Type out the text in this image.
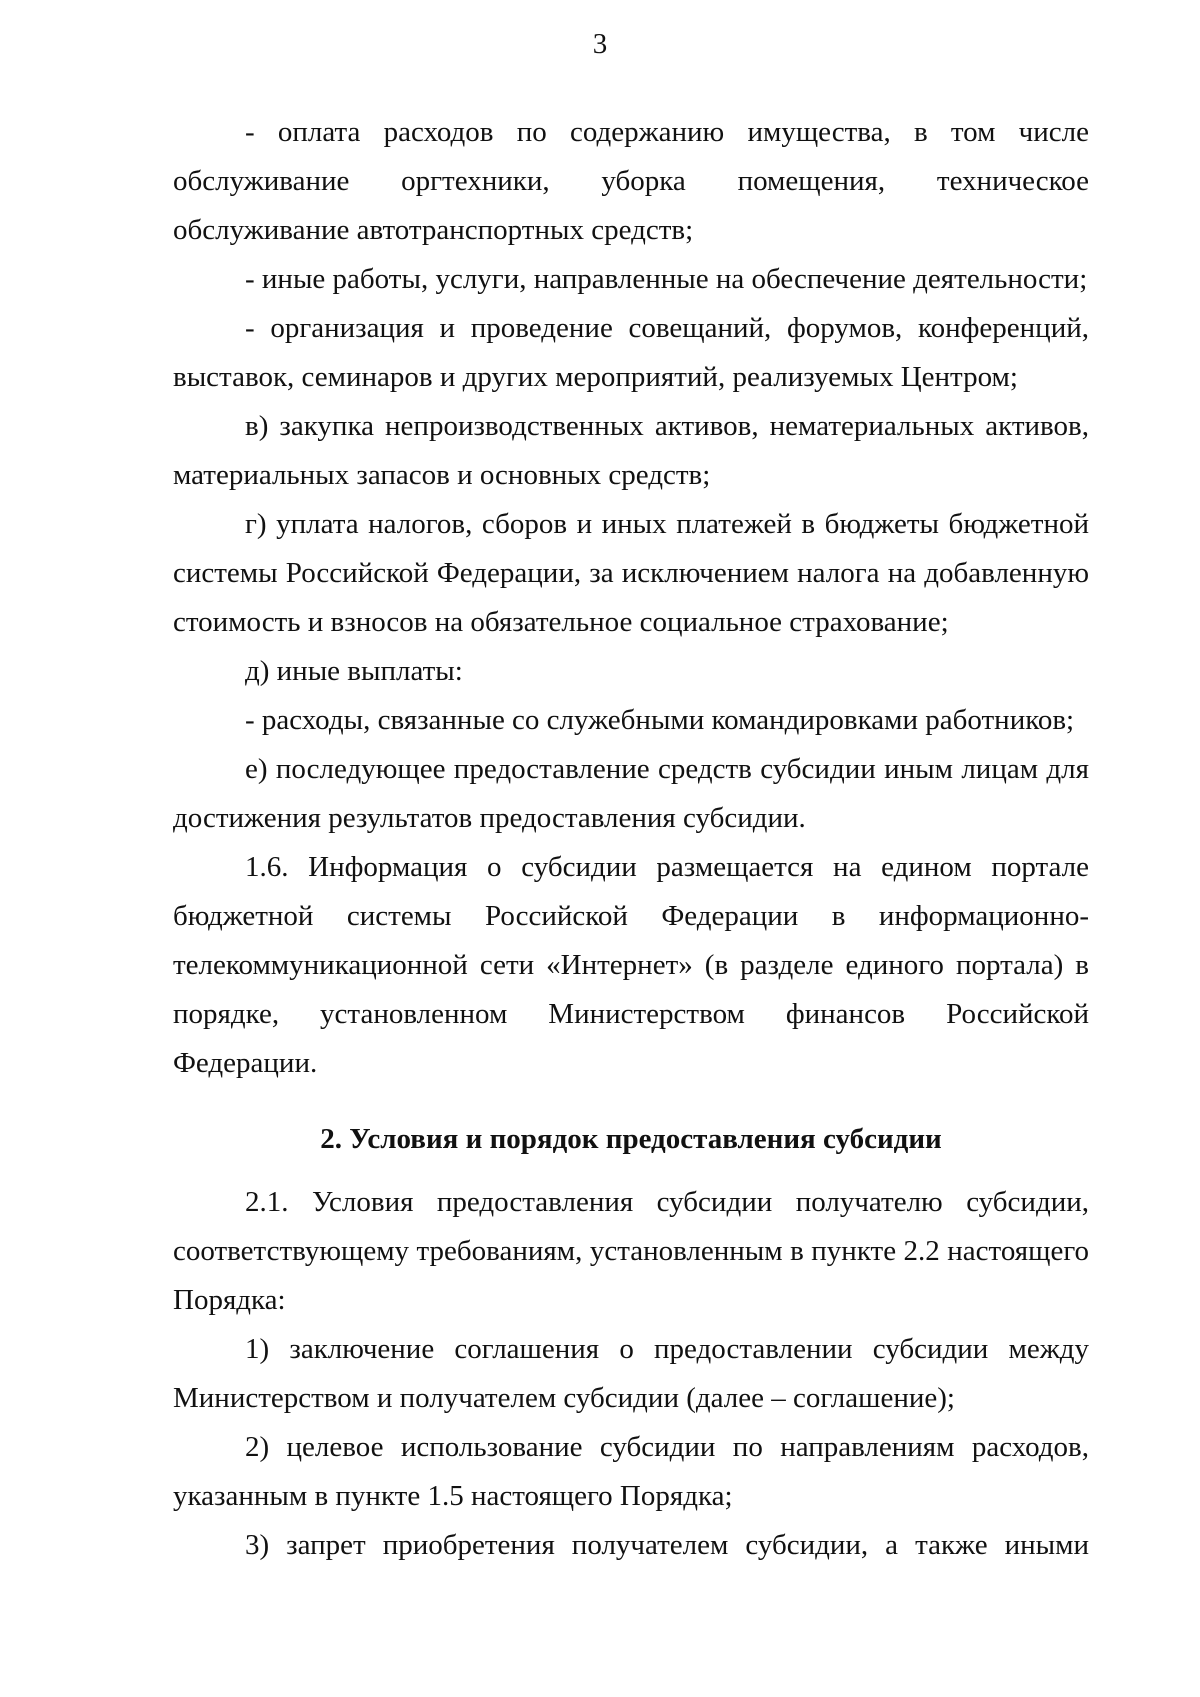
3

- оплата расходов по содержанию имущества, в том числе обслуживание оргтехники, уборка помещения, техническое обслуживание автотранспортных средств;

- иные работы, услуги, направленные на обеспечение деятельности;

- организация и проведение совещаний, форумов, конференций, выставок, семинаров и других мероприятий, реализуемых Центром;

в) закупка непроизводственных активов, нематериальных активов, материальных запасов и основных средств;

г) уплата налогов, сборов и иных платежей в бюджеты бюджетной системы Российской Федерации, за исключением налога на добавленную стоимость и взносов на обязательное социальное страхование;

д) иные выплаты:

- расходы, связанные со служебными командировками работников;

е) последующее предоставление средств субсидии иным лицам для достижения результатов предоставления субсидии.

1.6. Информация о субсидии размещается на едином портале бюджетной системы Российской Федерации в информационно-телекоммуникационной сети «Интернет» (в разделе единого портала) в порядке, установленном Министерством финансов Российской Федерации.

2. Условия и порядок предоставления субсидии

2.1. Условия предоставления субсидии получателю субсидии, соответствующему требованиям, установленным в пункте 2.2 настоящего Порядка:

1) заключение соглашения о предоставлении субсидии между Министерством и получателем субсидии (далее – соглашение);

2) целевое использование субсидии по направлениям расходов, указанным в пункте 1.5 настоящего Порядка;

3) запрет приобретения получателем субсидии, а также иными
